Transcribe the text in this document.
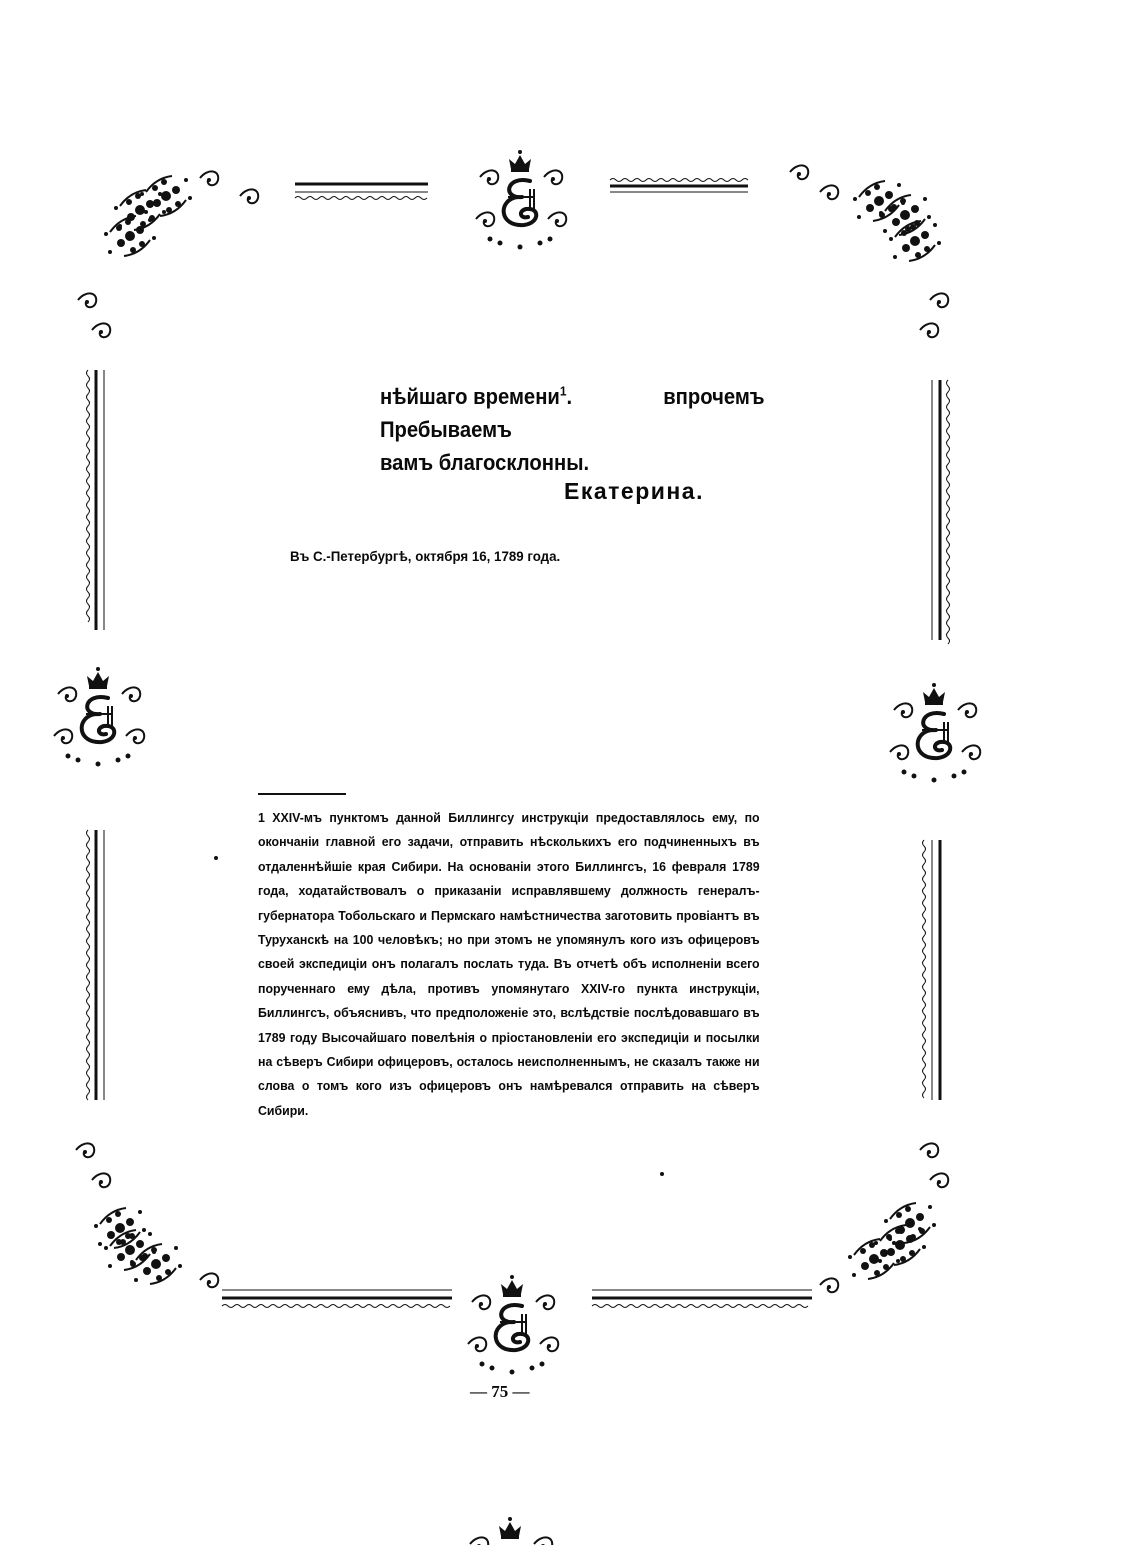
нѣйшаго времени$^1$. Пребываемъ
впрочемъ
вамъ благосклонны.
Екатерина.
Въ С.-Петербургѣ, октября 16, 1789 года.
1 XXIV-мъ пунктомъ данной Биллингсу инструкціи предоставлялось ему, по окончаніи главной его задачи, отправить нѣсколькихъ его подчиненныхъ въ отдаленнѣйшіе края Сибири. На основаніи этого Биллингсъ, 16 февраля 1789 года, ходатайствовалъ о приказаніи исправлявшему должность генералъ-губернатора Тобольскаго и Пермскаго намѣстничества заготовить провіантъ въ Туруханскѣ на 100 человѣкъ; но при этомъ не упомянулъ кого изъ офицеровъ своей экспедиціи онъ полагалъ послать туда. Въ отчетѣ объ исполненіи всего порученнаго ему дѣла, противъ упомянутаго XXIV-го пункта инструкціи, Биллингсъ, объяснивъ, что предположеніе это, вслѣдствіе послѣдовавшаго въ 1789 году Высочайшаго повелѣнія о пріостановленіи его экспедиціи и посылки на сѣверъ Сибири офицеровъ, осталось неисполненнымъ, не сказалъ также ни слова о томъ кого изъ офицеровъ онъ намѣревался отправить на сѣверъ Сибири.
— 75 —
